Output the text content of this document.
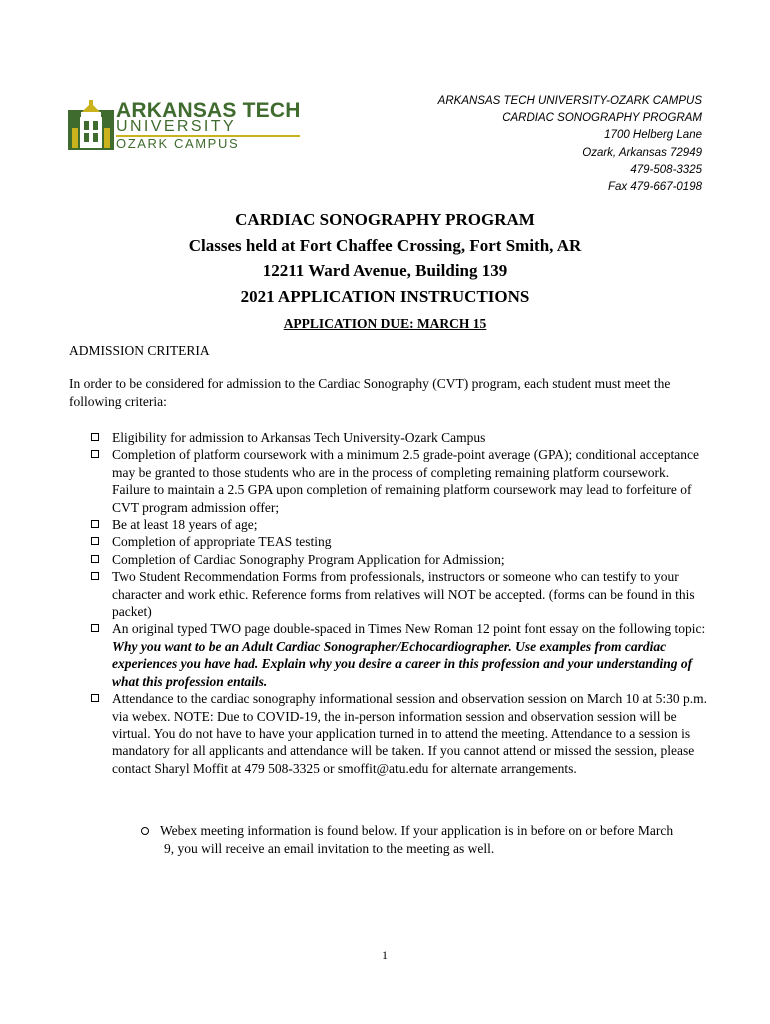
ARKANSAS TECH
UNIVERSITY
OZARK CAMPUS
ARKANSAS TECH UNIVERSITY-OZARK CAMPUS
CARDIAC SONOGRAPHY PROGRAM
1700 Helberg Lane
Ozark, Arkansas 72949
479-508-3325
Fax 479-667-0198
CARDIAC SONOGRAPHY PROGRAM
Classes held at Fort Chaffee Crossing, Fort Smith, AR
12211 Ward Avenue, Building 139
2021 APPLICATION INSTRUCTIONS
APPLICATION DUE: MARCH 15
ADMISSION CRITERIA
In order to be considered for admission to the Cardiac Sonography (CVT) program, each student must meet the following criteria:
Eligibility for admission to Arkansas Tech University-Ozark Campus
Completion of platform coursework with a minimum 2.5 grade-point average (GPA); conditional acceptance may be granted to those students who are in the process of completing remaining platform coursework. Failure to maintain a 2.5 GPA upon completion of remaining platform coursework may lead to forfeiture of CVT program admission offer;
Be at least 18 years of age;
Completion of appropriate TEAS testing
Completion of Cardiac Sonography Program Application for Admission;
Two Student Recommendation Forms from professionals, instructors or someone who can testify to your character and work ethic. Reference forms from relatives will NOT be accepted. (forms can be found in this packet)
An original typed TWO page double-spaced in Times New Roman 12 point font essay on the following topic: Why you want to be an Adult Cardiac Sonographer/Echocardiographer. Use examples from cardiac experiences you have had. Explain why you desire a career in this profession and your understanding of what this profession entails.
Attendance to the cardiac sonography informational session and observation session on March 10 at 5:30 p.m. via webex. NOTE: Due to COVID-19, the in-person information session and observation session will be virtual. You do not have to have your application turned in to attend the meeting. Attendance to a session is mandatory for all applicants and attendance will be taken. If you cannot attend or missed the session, please contact Sharyl Moffit at 479 508-3325 or smoffit@atu.edu for alternate arrangements.
Webex meeting information is found below. If your application is in before on or before March
9, you will receive an email invitation to the meeting as well.
1
